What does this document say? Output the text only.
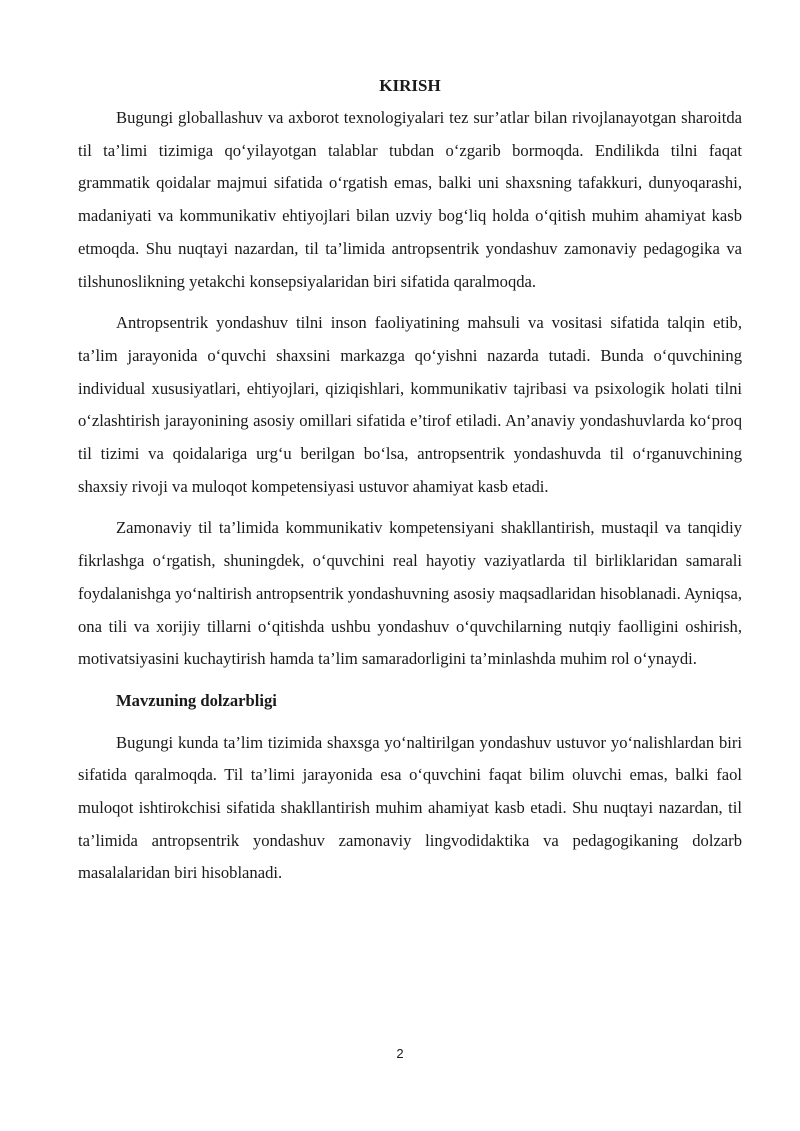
KIRISH

Bugungi globallashuv va axborot texnologiyalari tez sur’atlar bilan rivojlanayotgan sharoitda til ta’limi tizimiga qo‘yilayotgan talablar tubdan o‘zgarib bormoqda. Endilikda tilni faqat grammatik qoidalar majmui sifatida o‘rgatish emas, balki uni shaxsning tafakkuri, dunyoqarashi, madaniyati va kommunikativ ehtiyojlari bilan uzviy bog‘liq holda o‘qitish muhim ahamiyat kasb etmoqda. Shu nuqtayi nazardan, til ta’limida antropsentrik yondashuv zamonaviy pedagogika va tilshunoslikning yetakchi konsepsiyalaridan biri sifatida qaralmoqda.

Antropsentrik yondashuv tilni inson faoliyatining mahsuli va vositasi sifatida talqin etib, ta’lim jarayonida o‘quvchi shaxsini markazga qo‘yishni nazarda tutadi. Bunda o‘quvchining individual xususiyatlari, ehtiyojlari, qiziqishlari, kommunikativ tajribasi va psixologik holati tilni o‘zlashtirish jarayonining asosiy omillari sifatida e’tirof etiladi. An’anaviy yondashuvlarda ko‘proq til tizimi va qoidalariga urg‘u berilgan bo‘lsa, antropsentrik yondashuvda til o‘rganuvchining shaxsiy rivoji va muloqot kompetensiyasi ustuvor ahamiyat kasb etadi.

Zamonaviy til ta’limida kommunikativ kompetensiyani shakllantirish, mustaqil va tanqidiy fikrlashga o‘rgatish, shuningdek, o‘quvchini real hayotiy vaziyatlarda til birliklaridan samarali foydalanishga yo‘naltirish antropsentrik yondashuvning asosiy maqsadlaridan hisoblanadi. Ayniqsa, ona tili va xorijiy tillarni o‘qitishda ushbu yondashuv o‘quvchilarning nutqiy faolligini oshirish, motivatsiyasini kuchaytirish hamda ta’lim samaradorligini ta’minlashda muhim rol o‘ynaydi.

Mavzuning dolzarbligi

Bugungi kunda ta’lim tizimida shaxsga yo‘naltirilgan yondashuv ustuvor yo‘nalishlardan biri sifatida qaralmoqda. Til ta’limi jarayonida esa o‘quvchini faqat bilim oluvchi emas, balki faol muloqot ishtirokchisi sifatida shakllantirish muhim ahamiyat kasb etadi. Shu nuqtayi nazardan, til ta’limida antropsentrik yondashuv zamonaviy lingvodidaktika va pedagogikaning dolzarb masalalaridan biri hisoblanadi.

2
